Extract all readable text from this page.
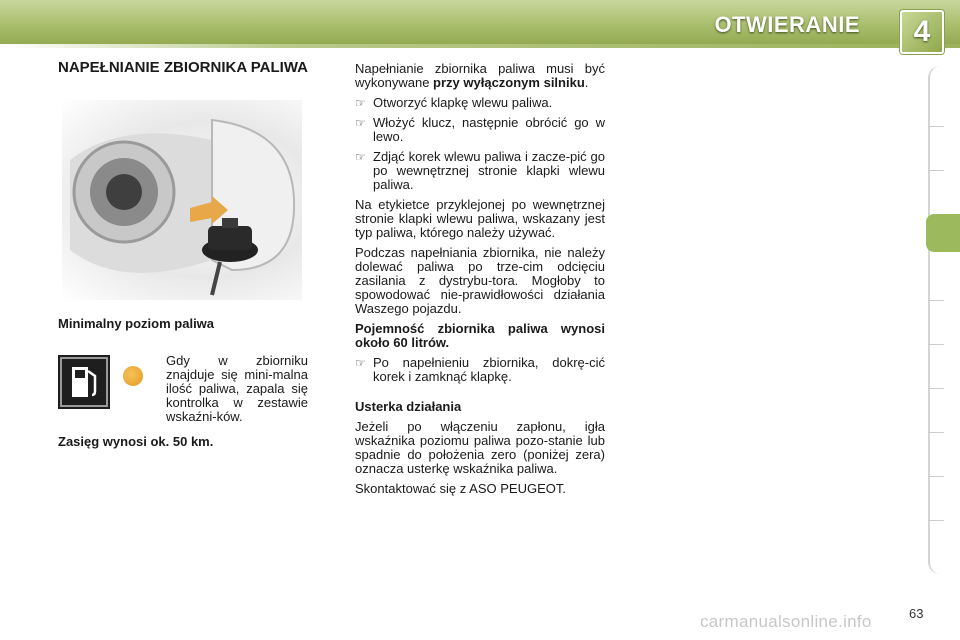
OTWIERANIE	4
NAPEŁNIANIE ZBIORNIKA PALIWA
Minimalny poziom paliwa
Gdy w zbiorniku znajduje się mini-malna ilość paliwa, zapala się kontrolka w zestawie wskaźni-ków.
Zasięg wynosi ok. 50 km.

Napełnianie zbiornika paliwa musi być wykonywane przy wyłączonym silniku.

☞ Otworzyć klapkę wlewu paliwa.
☞ Włożyć klucz, następnie obrócić go w lewo.
☞ Zdjąć korek wlewu paliwa i zacze-pić go po wewnętrznej stronie klapki wlewu paliwa.

Na etykietce przyklejonej po wewnętrznej stronie klapki wlewu paliwa, wskazany jest typ paliwa, którego należy używać.

Podczas napełniania zbiornika, nie należy dolewać paliwa po trze-cim odcięciu zasilania z dystrybu-tora. Mogłoby to spowodować nie-prawidłowości działania Waszego pojazdu.

Pojemność zbiornika paliwa wynosi około 60 litrów.

☞ Po napełnieniu zbiornika, dokrę-cić korek i zamknąć klapkę.

Usterka działania

Jeżeli po włączeniu zapłonu, igła wskaźnika poziomu paliwa pozo-stanie lub spadnie do położenia zero (poniżej zera) oznacza usterkę wskaźnika paliwa.

Skontaktować się z ASO PEUGEOT.

63
carmanualsonline.info
